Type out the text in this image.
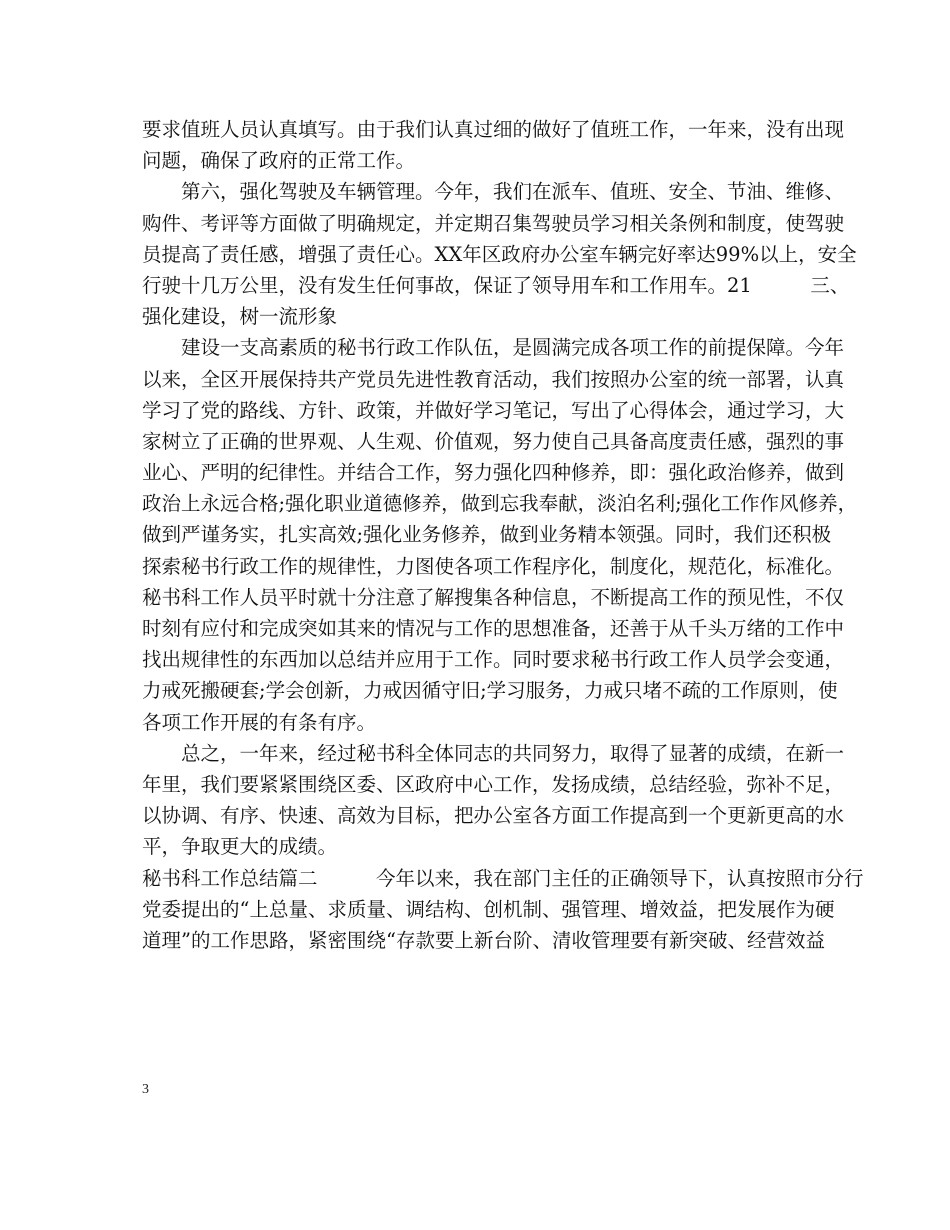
要求值班人员认真填写。由于我们认真过细的做好了值班工作，一年来，没有出现
问题，确保了政府的正常工作。
第六，强化驾驶及车辆管理。今年，我们在派车、值班、安全、节油、维修、
购件、考评等方面做了明确规定，并定期召集驾驶员学习相关条例和制度，使驾驶
员提高了责任感，增强了责任心。XX年区政府办公室车辆完好率达99%以上，安全
行驶十几万公里，没有发生任何事故，保证了领导用车和工作用车。21　　　三、
强化建设，树一流形象
建设一支高素质的秘书行政工作队伍，是圆满完成各项工作的前提保障。今年
以来，全区开展保持共产党员先进性教育活动，我们按照办公室的统一部署，认真
学习了党的路线、方针、政策，并做好学习笔记，写出了心得体会，通过学习，大
家树立了正确的世界观、人生观、价值观，努力使自己具备高度责任感，强烈的事
业心、严明的纪律性。并结合工作，努力强化四种修养，即：强化政治修养，做到
政治上永远合格;强化职业道德修养，做到忘我奉献，淡泊名利;强化工作作风修养，
做到严谨务实，扎实高效;强化业务修养，做到业务精本领强。同时，我们还积极
探索秘书行政工作的规律性，力图使各项工作程序化，制度化，规范化，标准化。
秘书科工作人员平时就十分注意了解搜集各种信息，不断提高工作的预见性，不仅
时刻有应付和完成突如其来的情况与工作的思想准备，还善于从千头万绪的工作中
找出规律性的东西加以总结并应用于工作。同时要求秘书行政工作人员学会变通，
力戒死搬硬套;学会创新，力戒因循守旧;学习服务，力戒只堵不疏的工作原则，使
各项工作开展的有条有序。
总之，一年来，经过秘书科全体同志的共同努力，取得了显著的成绩，在新一
年里，我们要紧紧围绕区委、区政府中心工作，发扬成绩，总结经验，弥补不足，
以协调、有序、快速、高效为目标，把办公室各方面工作提高到一个更新更高的水
平，争取更大的成绩。
秘书科工作总结篇二　　　今年以来，我在部门主任的正确领导下，认真按照市分行
党委提出的“上总量、求质量、调结构、创机制、强管理、增效益，把发展作为硬
道理”的工作思路，紧密围绕“存款要上新台阶、清收管理要有新突破、经营效益
3
